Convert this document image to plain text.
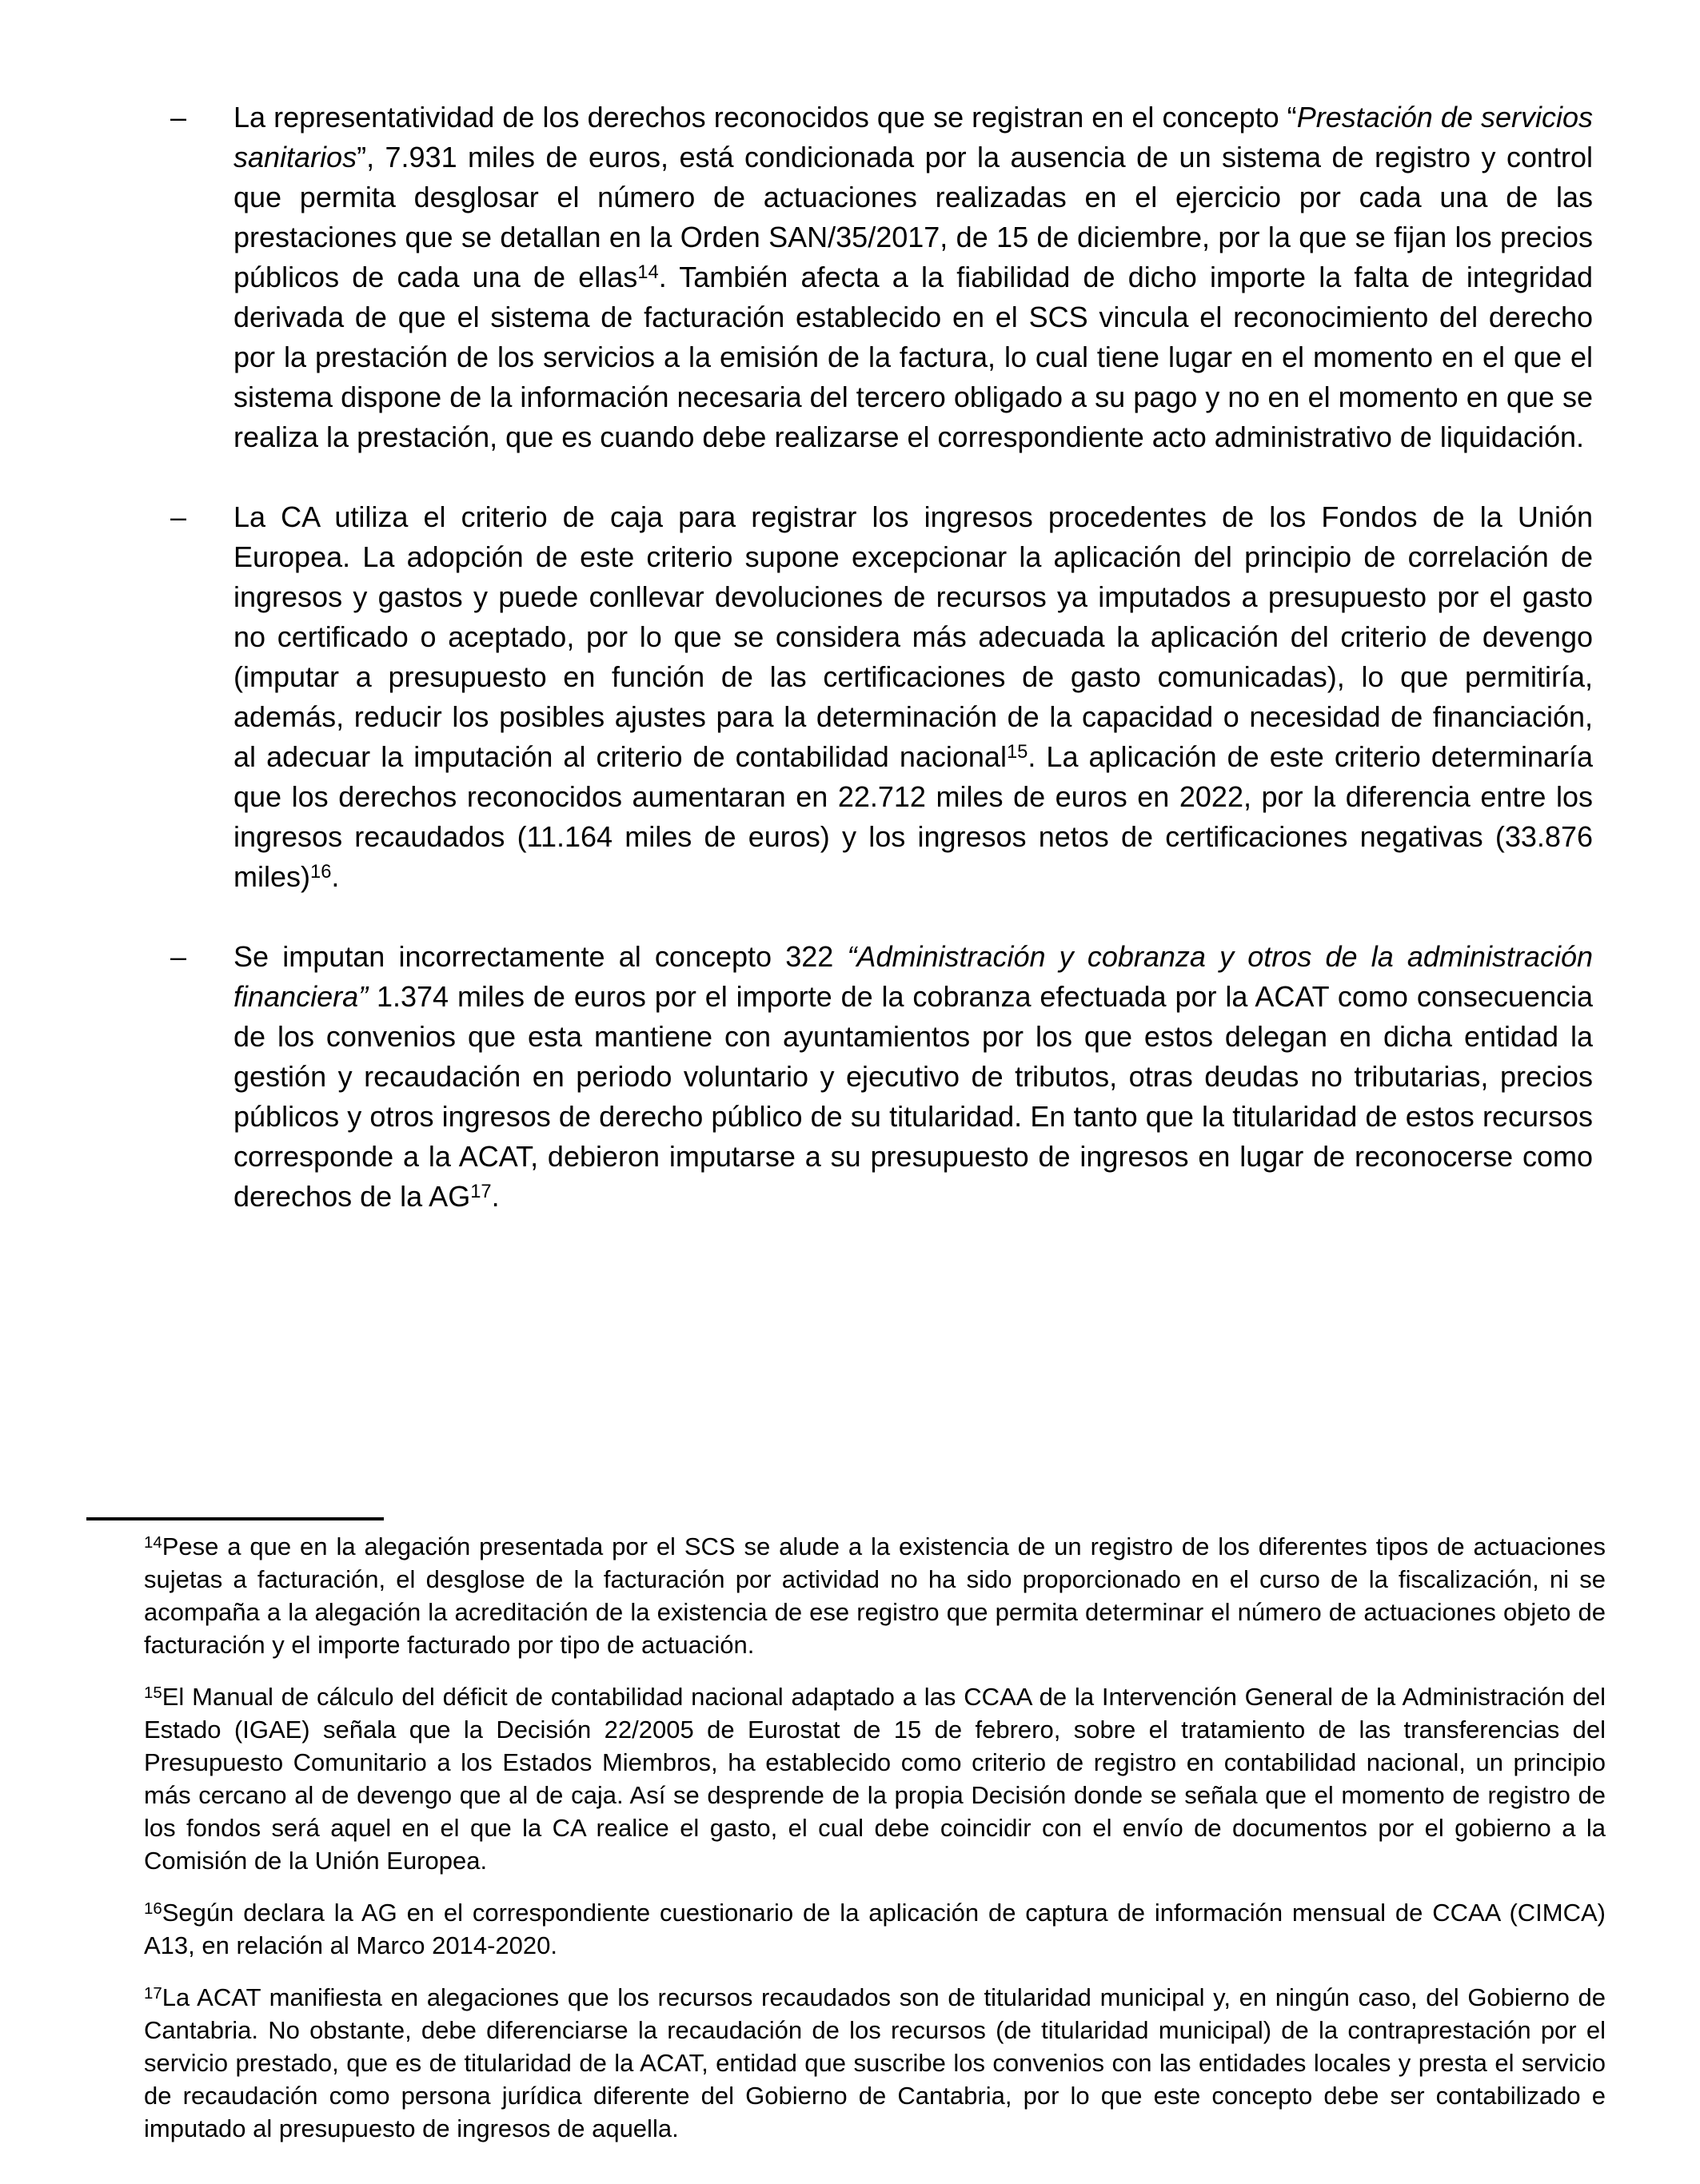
–	La representatividad de los derechos reconocidos que se registran en el concepto “Prestación de servicios sanitarios”, 7.931 miles de euros, está condicionada por la ausencia de un sistema de registro y control que permita desglosar el número de actuaciones realizadas en el ejercicio por cada una de las prestaciones que se detallan en la Orden SAN/35/2017, de 15 de diciembre, por la que se fijan los precios públicos de cada una de ellas$^{14}$. También afecta a la fiabilidad de dicho importe la falta de integridad derivada de que el sistema de facturación establecido en el SCS vincula el reconocimiento del derecho por la prestación de los servicios a la emisión de la factura, lo cual tiene lugar en el momento en el que el sistema dispone de la información necesaria del tercero obligado a su pago y no en el momento en que se realiza la prestación, que es cuando debe realizarse el correspondiente acto administrativo de liquidación.

–	La CA utiliza el criterio de caja para registrar los ingresos procedentes de los Fondos de la Unión Europea. La adopción de este criterio supone excepcionar la aplicación del principio de correlación de ingresos y gastos y puede conllevar devoluciones de recursos ya imputados a presupuesto por el gasto no certificado o aceptado, por lo que se considera más adecuada la aplicación del criterio de devengo (imputar a presupuesto en función de las certificaciones de gasto comunicadas), lo que permitiría, además, reducir los posibles ajustes para la determinación de la capacidad o necesidad de financiación, al adecuar la imputación al criterio de contabilidad nacional$^{15}$. La aplicación de este criterio determinaría que los derechos reconocidos aumentaran en 22.712 miles de euros en 2022, por la diferencia entre los ingresos recaudados (11.164 miles de euros) y los ingresos netos de certificaciones negativas (33.876 miles)$^{16}$.

–	Se imputan incorrectamente al concepto 322 “Administración y cobranza y otros de la administración financiera” 1.374 miles de euros por el importe de la cobranza efectuada por la ACAT como consecuencia de los convenios que esta mantiene con ayuntamientos por los que estos delegan en dicha entidad la gestión y recaudación en periodo voluntario y ejecutivo de tributos, otras deudas no tributarias, precios públicos y otros ingresos de derecho público de su titularidad. En tanto que la titularidad de estos recursos corresponde a la ACAT, debieron imputarse a su presupuesto de ingresos en lugar de reconocerse como derechos de la AG$^{17}$.

$^{14}$Pese a que en la alegación presentada por el SCS se alude a la existencia de un registro de los diferentes tipos de actuaciones sujetas a facturación, el desglose de la facturación por actividad no ha sido proporcionado en el curso de la fiscalización, ni se acompaña a la alegación la acreditación de la existencia de ese registro que permita determinar el número de actuaciones objeto de facturación y el importe facturado por tipo de actuación.

$^{15}$El Manual de cálculo del déficit de contabilidad nacional adaptado a las CCAA de la Intervención General de la Administración del Estado (IGAE) señala que la Decisión 22/2005 de Eurostat de 15 de febrero, sobre el tratamiento de las transferencias del Presupuesto Comunitario a los Estados Miembros, ha establecido como criterio de registro en contabilidad nacional, un principio más cercano al de devengo que al de caja. Así se desprende de la propia Decisión donde se señala que el momento de registro de los fondos será aquel en el que la CA realice el gasto, el cual debe coincidir con el envío de documentos por el gobierno a la Comisión de la Unión Europea.

$^{16}$Según declara la AG en el correspondiente cuestionario de la aplicación de captura de información mensual de CCAA (CIMCA) A13, en relación al Marco 2014-2020.

$^{17}$La ACAT manifiesta en alegaciones que los recursos recaudados son de titularidad municipal y, en ningún caso, del Gobierno de Cantabria. No obstante, debe diferenciarse la recaudación de los recursos (de titularidad municipal) de la contraprestación por el servicio prestado, que es de titularidad de la ACAT, entidad que suscribe los convenios con las entidades locales y presta el servicio de recaudación como persona jurídica diferente del Gobierno de Cantabria, por lo que este concepto debe ser contabilizado e imputado al presupuesto de ingresos de aquella.
